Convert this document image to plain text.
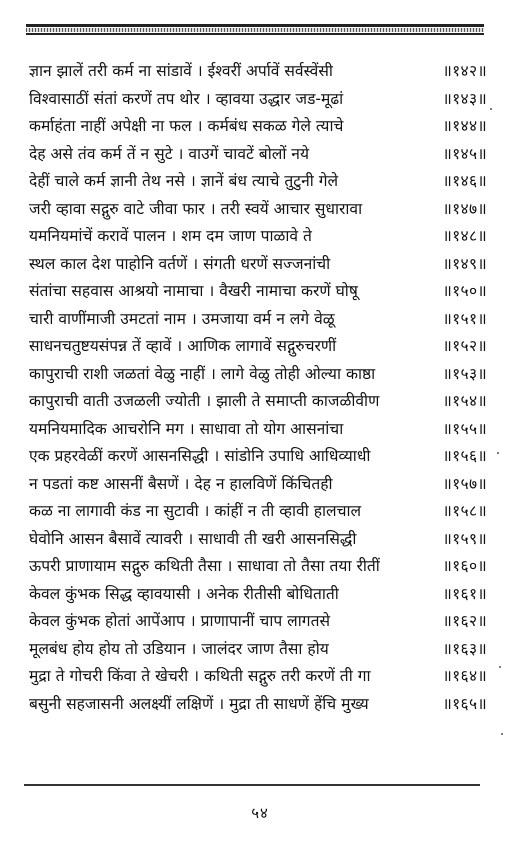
ज्ञान झालें तरी कर्म ना सांडावें । ईश्वरीं अर्पावें सर्वस्वेंसी	॥१४२॥
विश्वासाठीं संतां करणें तप थोर । व्हावया उद्धार जड-मूढां	॥१४३॥
कर्माहंता नाहीं अपेक्षी ना फल । कर्मबंध सकळ गेले त्याचे	॥१४४॥
देह असे तंव कर्म तें न सुटे । वाउगें चावटें बोलों नये	॥१४५॥
देहीं चाले कर्म ज्ञानी तेथ नसे । ज्ञानें बंध त्याचे तुटुनी गेले	॥१४६॥
जरी व्हावा सद्गुरु वाटे जीवा फार । तरी स्वयें आचार सुधारावा	॥१४७॥
यमनियमांचें करावें पालन । शम दम जाण पाळावे ते	॥१४८॥
स्थल काल देश पाहोनि वर्तणें । संगती धरणें सज्जनांची	॥१४९॥
संतांचा सहवास आश्रयो नामाचा । वैखरी नामाचा करणें घोषू	॥१५०॥
चारी वाणींमाजी उमटतां नाम । उमजाया वर्म न लगे वेळू	॥१५१॥
साधनचतुष्टयसंपन्न तें व्हावें । आणिक लागावें सद्गुरुचरणीं	॥१५२॥
कापुराची राशी जळतां वेळु नाहीं । लागे वेळु तोही ओल्या काष्ठा	॥१५३॥
कापुराची वाती उजळली ज्योती । झाली ते समाप्ती काजळीवीण	॥१५४॥
यमनियमादिक आचरोनि मग । साधावा तो योग आसनांचा	॥१५५॥
एक प्रहरवेळीं करणें आसनसिद्धी । सांडोनि उपाधि आधिव्याधी	॥१५६॥
न पडतां कष्ट आसनीं बैसणें । देह न हालविणें किंचितही	॥१५७॥
कळ ना लागावी कंड ना सुटावी । कांहीं न ती व्हावी हालचाल	॥१५८॥
घेवोनि आसन बैसावें त्यावरी । साधावी ती खरी आसनसिद्धी	॥१५९॥
ऊपरी प्राणायाम सद्गुरु कथिती तैसा । साधावा तो तैसा तया रीतीं	॥१६०॥
केवल कुंभक सिद्ध व्हावयासी । अनेक रीतीसी बोधिताती	॥१६१॥
केवल कुंभक होतां आपेंआप । प्राणापानीं चाप लागतसे	॥१६२॥
मूलबंध होय होय तो उडियान । जालंदर जाण तैसा होय	॥१६३॥
मुद्रा ते गोचरी किंवा ते खेचरी । कथिती सद्गुरु तरी करणें ती गा	॥१६४॥
बसुनी सहजासनी अलक्ष्यीं लक्षिणें । मुद्रा ती साधणें हेंचि मुख्य	॥१६५॥
५४
